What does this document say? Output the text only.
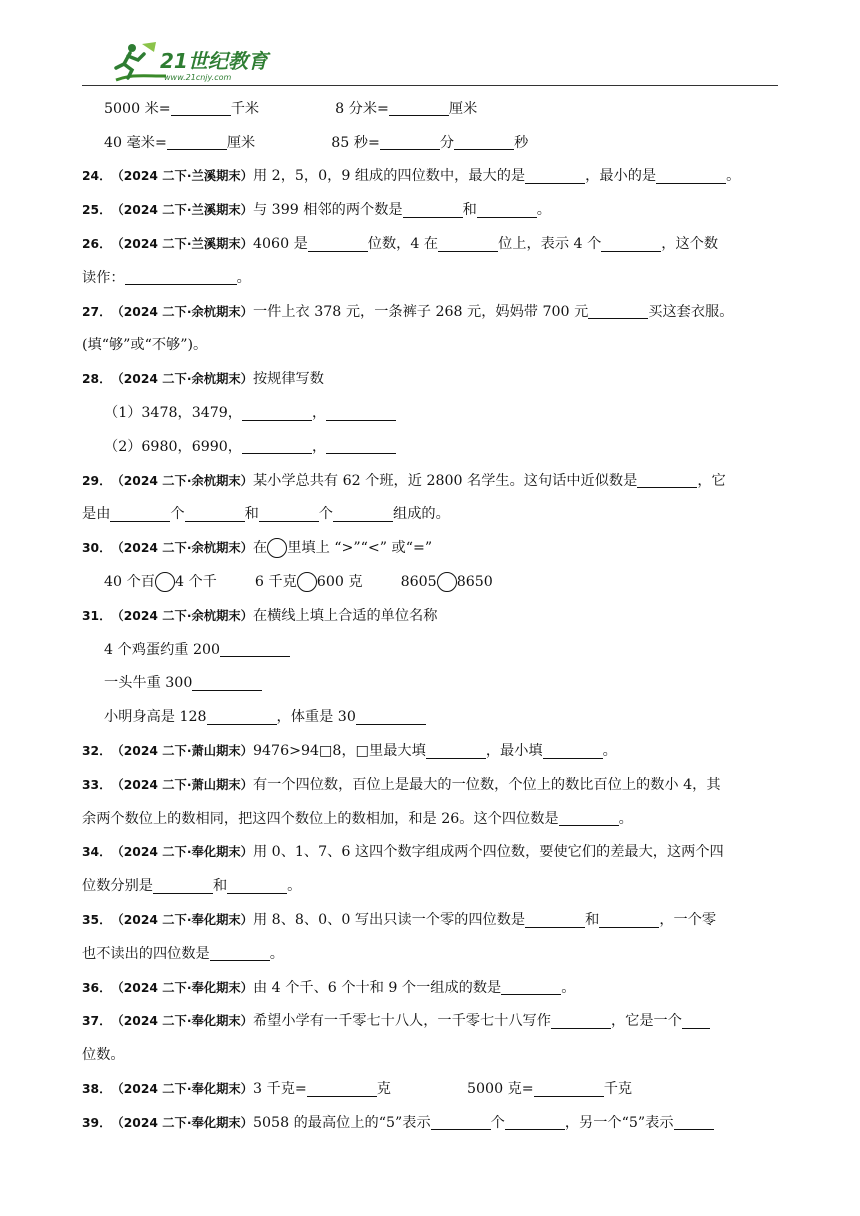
21世纪教育
www.21cnjy.com
5000 米=	千米	8 分米=	厘米
40 毫米=	厘米	85 秒=	分	秒
24． （2024 二下·兰溪期末） 用 2，5，0，9 组成的四位数中，最大的是	，最小的是	。
25． （2024 二下·兰溪期末） 与 399 相邻的两个数是	和	。
26． （2024 二下·兰溪期末） 4060 是	位数，4 在	位上，表示 4 个	，这个数
读作：	。
27． （2024 二下·余杭期末） 一件上衣 378 元，一条裤子 268 元，妈妈带 700 元	买这套衣服。
(填“够”或“不够”)。
28． （2024 二下·余杭期末） 按规律写数
（1）3478，3479，	，
（2）6980，6990，	，
29． （2024 二下·余杭期末） 某小学总共有 62 个班，近 2800 名学生。这句话中近似数是	，它
是由	个	和	个	组成的。
30． （2024 二下·余杭期末） 在 里填上 “>”“<” 或“=”
40 个百 4 个千	6 千克 600 克	8605 8650
31． （2024 二下·余杭期末） 在横线上填上合适的单位名称
4 个鸡蛋约重 200
一头牛重 300
小明身高是 128	，体重是 30
32． （2024 二下·萧山期末） 9476>94□8，□里最大填	，最小填	。
33． （2024 二下·萧山期末） 有一个四位数，百位上是最大的一位数，个位上的数比百位上的数小 4，其
余两个数位上的数相同，把这四个数位上的数相加，和是 26。这个四位数是	。
34． （2024 二下·奉化期末） 用 0、1、7、6 这四个数字组成两个四位数，要使它们的差最大，这两个四
位数分别是	和	。
35． （2024 二下·奉化期末） 用 8、8、0、0 写出只读一个零的四位数是	和	，一个零
也不读出的四位数是	。
36． （2024 二下·奉化期末） 由 4 个千、6 个十和 9 个一组成的数是	。
37． （2024 二下·奉化期末） 希望小学有一千零七十八人，一千零七十八写作	，它是一个
位数。
38． （2024 二下·奉化期末） 3 千克=	克	5000 克=	千克
39． （2024 二下·奉化期末） 5058 的最高位上的“5”表示	个	，另一个“5”表示
